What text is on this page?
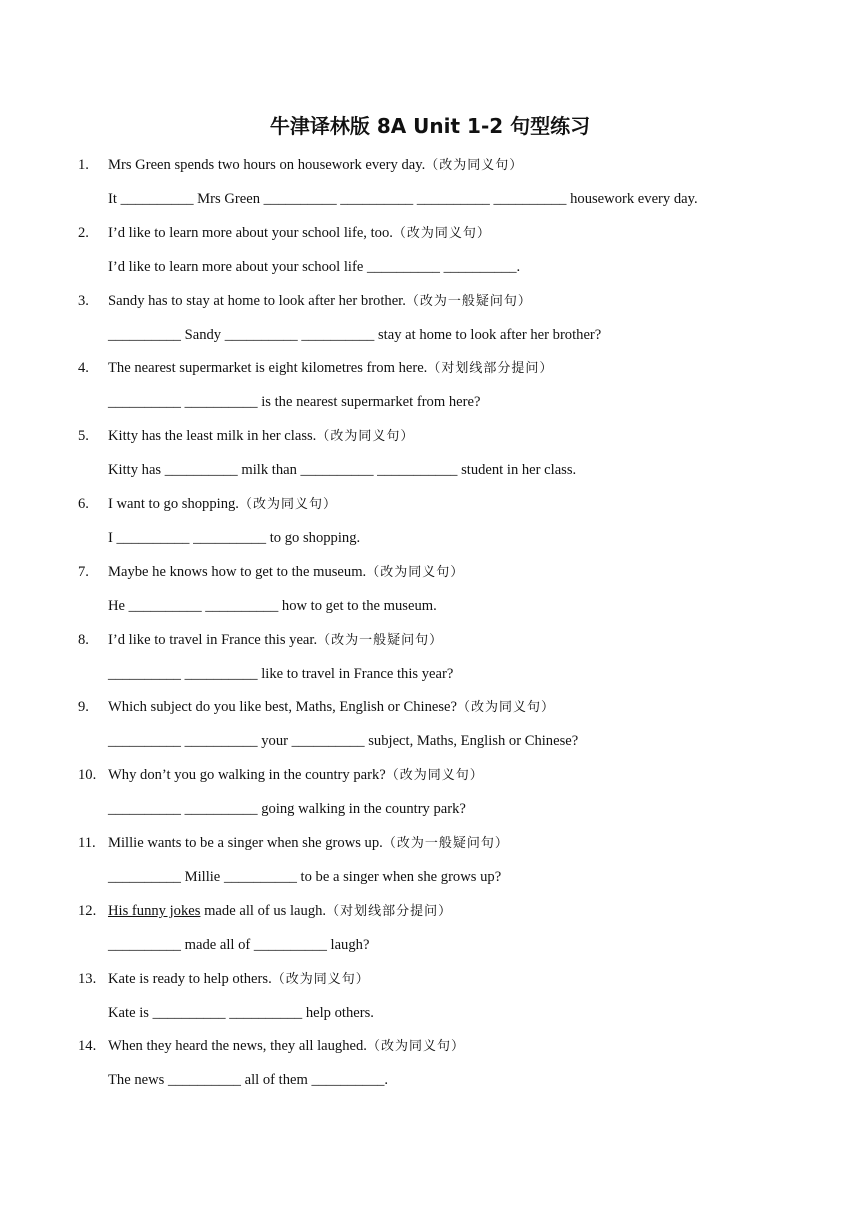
牛津译林版 8A Unit 1-2 句型练习
1. Mrs Green spends two hours on housework every day.（改为同义句）
It __________ Mrs Green __________ __________ __________ __________ housework every day.
2. I’d like to learn more about your school life, too.（改为同义句）
I’d like to learn more about your school life __________ __________.
3. Sandy has to stay at home to look after her brother.（改为一般疑问句）
__________ Sandy __________ __________ stay at home to look after her brother?
4. The nearest supermarket is eight kilometres from here.（对划线部分提问）
__________ __________ is the nearest supermarket from here?
5. Kitty has the least milk in her class.（改为同义句）
Kitty has __________ milk than __________ ___________ student in her class.
6. I want to go shopping.（改为同义句）
I __________ __________ to go shopping.
7. Maybe he knows how to get to the museum.（改为同义句）
He __________ __________ how to get to the museum.
8. I’d like to travel in France this year.（改为一般疑问句）
__________ __________ like to travel in France this year?
9. Which subject do you like best, Maths, English or Chinese?（改为同义句）
__________ __________ your __________ subject, Maths, English or Chinese?
10. Why don’t you go walking in the country park?（改为同义句）
__________ __________ going walking in the country park?
11. Millie wants to be a singer when she grows up.（改为一般疑问句）
__________ Millie __________ to be a singer when she grows up?
12. His funny jokes made all of us laugh.（对划线部分提问）
__________ made all of __________ laugh?
13. Kate is ready to help others.（改为同义句）
Kate is __________ __________ help others.
14. When they heard the news, they all laughed.（改为同义句）
The news __________ all of them __________.
